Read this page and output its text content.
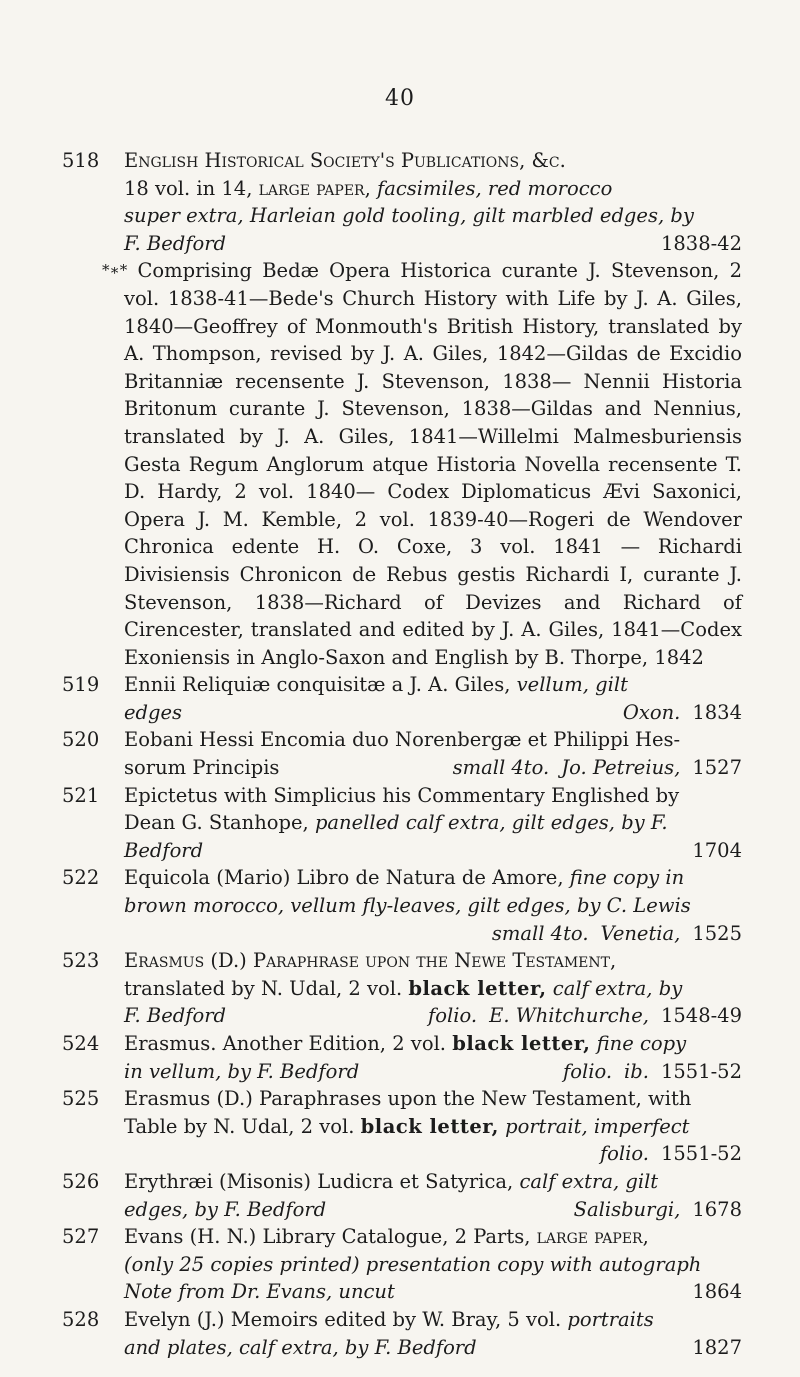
40
518 English Historical Society's Publications, &c.
18 vol. in 14, large paper, facsimiles, red morocco
super extra, Harleian gold tooling, gilt marbled edges, by
1838-42
F. Bedford

*∗* Comprising Bedæ Opera Historica curante J. Stevenson, 2 vol. 1838-41—Bede's Church History with Life by J. A. Giles, 1840—Geoffrey of Monmouth's British History, translated by A. Thompson, revised by J. A. Giles, 1842—Gildas de Excidio Britanniæ recensente J. Stevenson, 1838— Nennii Historia Britonum curante J. Stevenson, 1838—Gildas and Nennius, translated by J. A. Giles, 1841—Willelmi Malmesburiensis Gesta Regum Anglorum atque Historia Novella recensente T. D. Hardy, 2 vol. 1840— Codex Diplomaticus Ævi Saxonici, Opera J. M. Kemble, 2 vol. 1839-40—Rogeri de Wendover Chronica edente H. O. Coxe, 3 vol. 1841 — Richardi Divisiensis Chronicon de Rebus gestis Richardi I, curante J. Stevenson, 1838—Richard of Devizes and Richard of Cirencester, translated and edited by J. A. Giles, 1841—Codex Exoniensis in Anglo-Saxon and English by B. Thorpe, 1842

519 Ennii Reliquiæ conquisitæ a J. A. Giles, vellum, gilt
1834
Oxon.
edges
520 Eobani Hessi Encomia duo Norenbergæ et Philippi Hes-
1527
Jo. Petreius,
small 4to.
sorum Principis
521 Epictetus with Simplicius his Commentary Englished by
Dean G. Stanhope, panelled calf extra, gilt edges, by F.
1704
Bedford
522 Equicola (Mario) Libro de Natura de Amore, fine copy in
brown morocco, vellum fly-leaves, gilt edges, by C. Lewis
1525
Venetia,
small 4to.

523 Erasmus (D.) Paraphrase upon the Newe Testament,
translated by N. Udal, 2 vol. black letter, calf extra, by
1548-49
E. Whitchurche,
folio.
F. Bedford
524 Erasmus. Another Edition, 2 vol. black letter, fine copy
1551-52
ib.
folio.
in vellum, by F. Bedford
525 Erasmus (D.) Paraphrases upon the New Testament, with
Table by N. Udal, 2 vol. black letter, portrait, imperfect
1551-52
folio.

526 Erythræi (Misonis) Ludicra et Satyrica, calf extra, gilt
1678
Salisburgi,
edges, by F. Bedford
527 Evans (H. N.) Library Catalogue, 2 Parts, large paper,
(only 25 copies printed) presentation copy with autograph
1864
Note from Dr. Evans, uncut
528 Evelyn (J.) Memoirs edited by W. Bray, 5 vol. portraits
1827
and plates, calf extra, by F. Bedford
